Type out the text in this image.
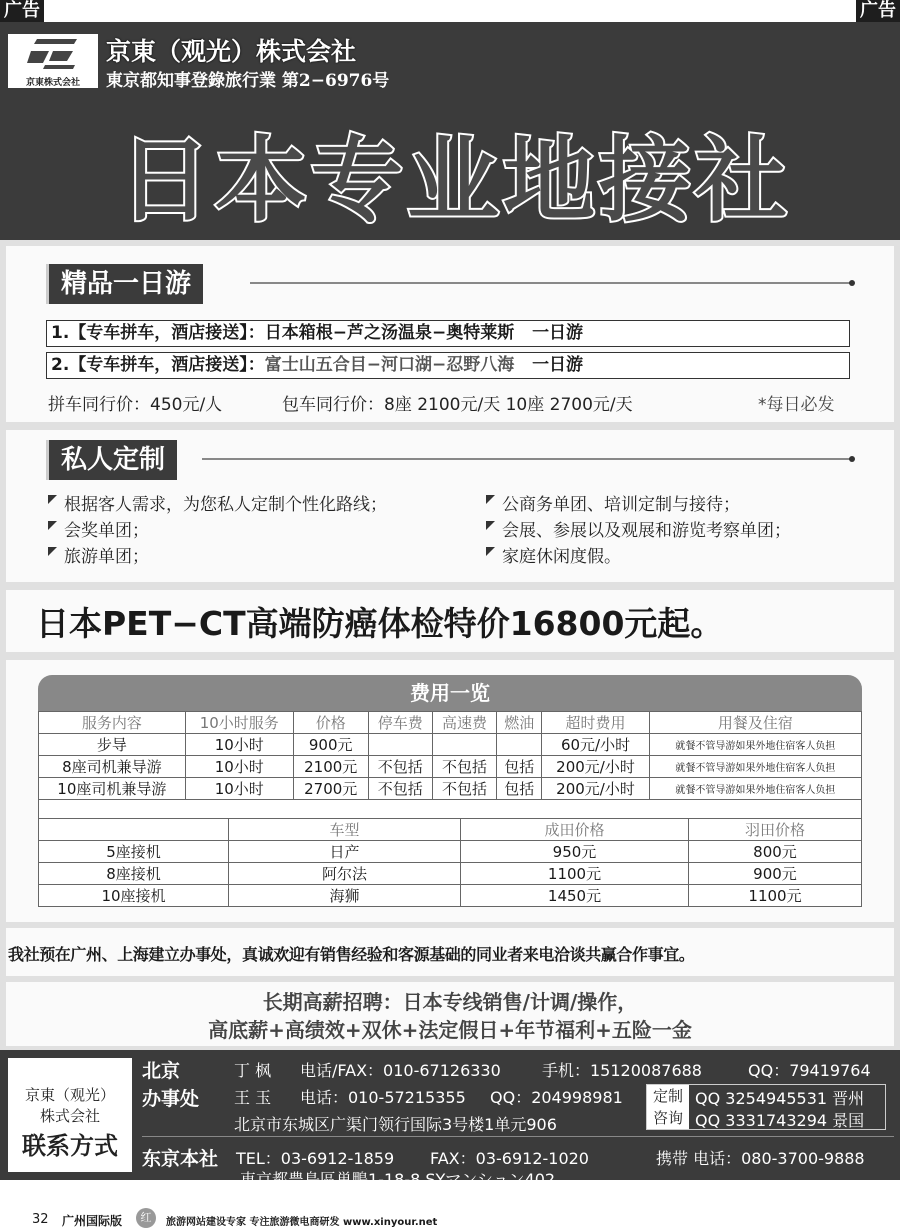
广告	广告
京東株式会社
京東（观光）株式会社
東京都知事登錄旅行業 第2−6976号
日本专业地接社
精品一日游
1.【专车拼车，酒店接送】：日本箱根−芦之汤温泉−奥特莱斯 一日游
2.【专车拼车，酒店接送】：富士山五合目−河口湖−忍野八海 一日游
拼车同行价：450元/人	包车同行价：8座 2100元/天 10座 2700元/天	*每日必发
私人定制
根据客人需求，为您私人定制个性化路线；
会奖单团；
旅游单团；
公商务单团、培训定制与接待；
会展、参展以及观展和游览考察单团；
家庭休闲度假。
日本PET−CT高端防癌体检特价16800元起。
费用一览
服务内容	10小时服务	价格	停车费	高速费	燃油	超时费用	用餐及住宿
步导	10小时	900元				60元/小时	就餐不管导游如果外地住宿客人负担
8座司机兼导游	10小时	2100元	不包括	不包括	包括	200元/小时	就餐不管导游如果外地住宿客人负担
10座司机兼导游	10小时	2700元	不包括	不包括	包括	200元/小时	就餐不管导游如果外地住宿客人负担

	车型	成田价格	羽田价格
5座接机	日产	950元	800元
8座接机	阿尔法	1100元	900元
10座接机	海狮	1450元	1100元
我社预在广州、上海建立办事处，真诚欢迎有销售经验和客源基础的同业者来电洽谈共赢合作事宜。
长期高薪招聘：日本专线销售/计调/操作，
高底薪+高绩效+双休+法定假日+年节福利+五险一金
京東（观光）
株式会社
联系方式
北京
办事处
丁 枫 电话/FAX：010-67126330	手机：15120087688	QQ：79419764
王 玉 电话：010-57215355 QQ：204998981
北京市东城区广渠门领行国际3号楼1单元906
定制
咨询
QQ 3254945531 晋州
QQ 3331743294 景国
东京本社 TEL：03-6912-1859 FAX：03-6912-1020	携带 电话：080-3700-9888
東京都豊島區巣鴨1-18-8 SYマンション402
32 广州国际版	红	旅游网站建设专家 专注旅游微电商研发 www.xinyour.net
